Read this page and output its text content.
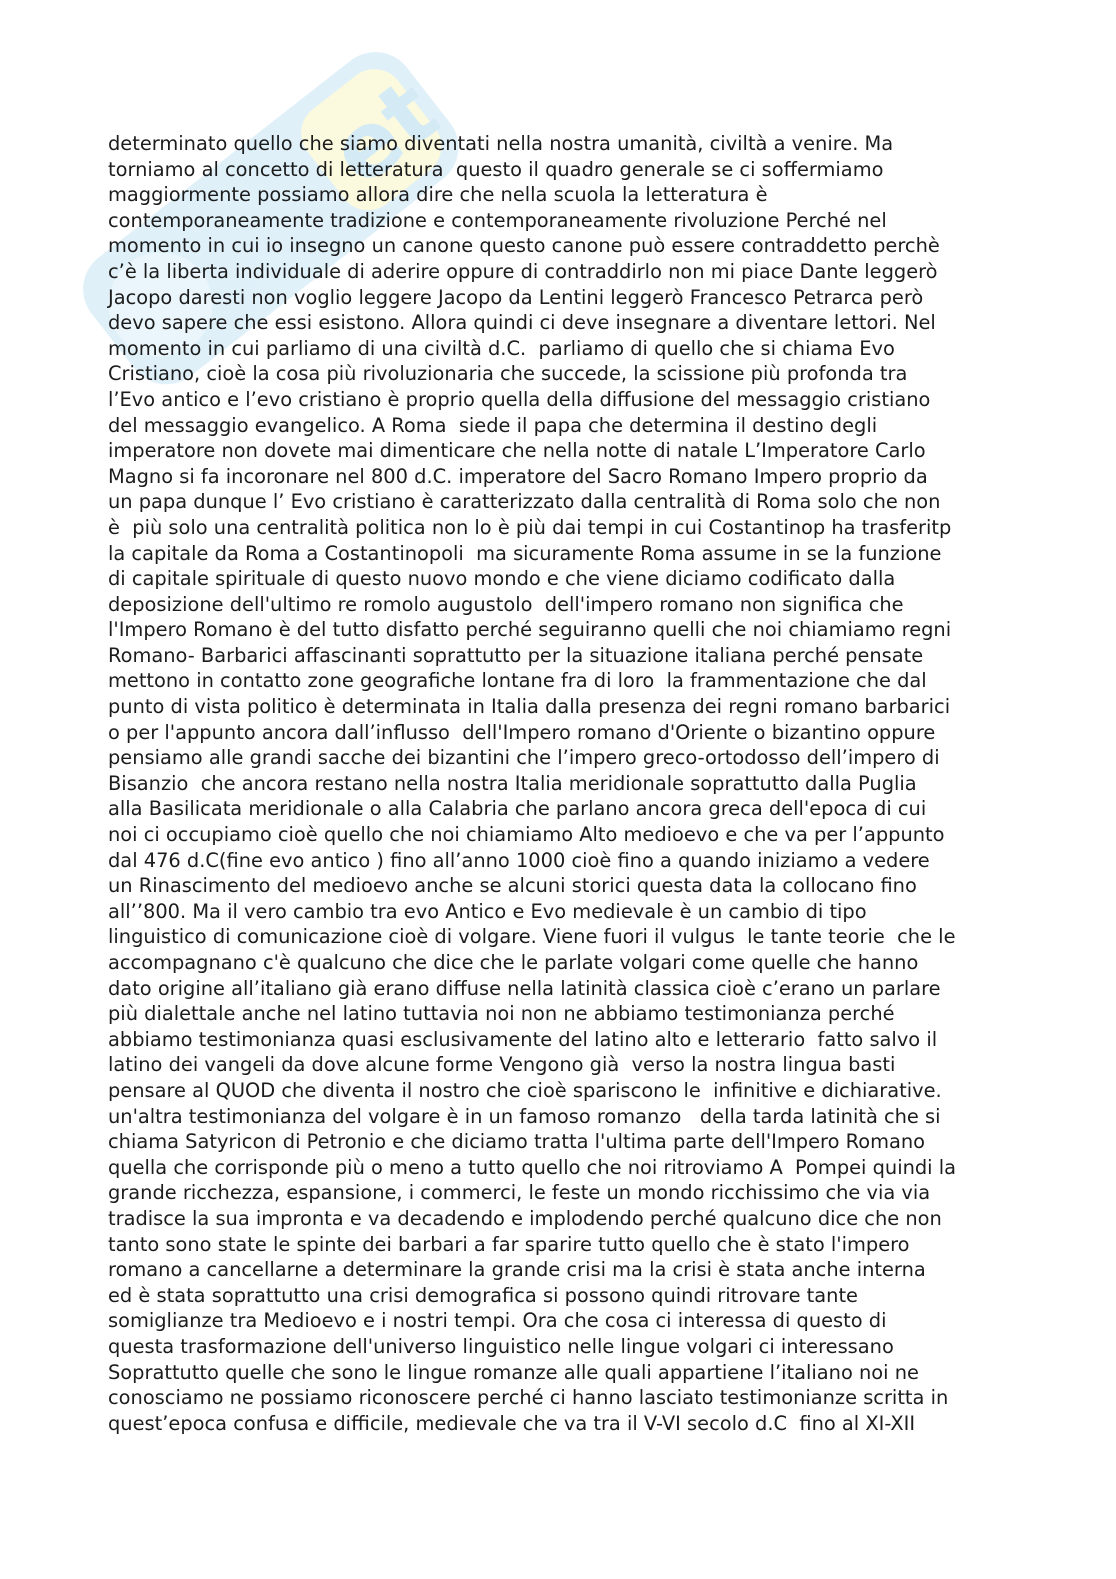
et
determinato quello che siamo diventati nella nostra umanità, civiltà a venire. Ma
torniamo al concetto di letteratura  questo il quadro generale se ci soffermiamo
maggiormente possiamo allora dire che nella scuola la letteratura è
contemporaneamente tradizione e contemporaneamente rivoluzione Perché nel
momento in cui io insegno un canone questo canone può essere contraddetto perchè
c’è la liberta individuale di aderire oppure di contraddirlo non mi piace Dante leggerò
Jacopo daresti non voglio leggere Jacopo da Lentini leggerò Francesco Petrarca però
devo sapere che essi esistono. Allora quindi ci deve insegnare a diventare lettori. Nel
momento in cui parliamo di una civiltà d.C.  parliamo di quello che si chiama Evo
Cristiano, cioè la cosa più rivoluzionaria che succede, la scissione più profonda tra
l’Evo antico e l’evo cristiano è proprio quella della diffusione del messaggio cristiano
del messaggio evangelico. A Roma  siede il papa che determina il destino degli
imperatore non dovete mai dimenticare che nella notte di natale L’Imperatore Carlo
Magno si fa incoronare nel 800 d.C. imperatore del Sacro Romano Impero proprio da
un papa dunque l’ Evo cristiano è caratterizzato dalla centralità di Roma solo che non
è  più solo una centralità politica non lo è più dai tempi in cui Costantinop ha trasferitp
la capitale da Roma a Costantinopoli  ma sicuramente Roma assume in se la funzione
di capitale spirituale di questo nuovo mondo e che viene diciamo codificato dalla
deposizione dell'ultimo re romolo augustolo  dell'impero romano non significa che
l'Impero Romano è del tutto disfatto perché seguiranno quelli che noi chiamiamo regni
Romano- Barbarici affascinanti soprattutto per la situazione italiana perché pensate
mettono in contatto zone geografiche lontane fra di loro  la frammentazione che dal
punto di vista politico è determinata in Italia dalla presenza dei regni romano barbarici
o per l'appunto ancora dall’influsso  dell'Impero romano d'Oriente o bizantino oppure
pensiamo alle grandi sacche dei bizantini che l’impero greco-ortodosso dell’impero di
Bisanzio  che ancora restano nella nostra Italia meridionale soprattutto dalla Puglia
alla Basilicata meridionale o alla Calabria che parlano ancora greca dell'epoca di cui
noi ci occupiamo cioè quello che noi chiamiamo Alto medioevo e che va per l’appunto
dal 476 d.C(fine evo antico ) fino all’anno 1000 cioè fino a quando iniziamo a vedere
un Rinascimento del medioevo anche se alcuni storici questa data la collocano fino
all’’800. Ma il vero cambio tra evo Antico e Evo medievale è un cambio di tipo
linguistico di comunicazione cioè di volgare. Viene fuori il vulgus  le tante teorie  che le
accompagnano c'è qualcuno che dice che le parlate volgari come quelle che hanno
dato origine all’italiano già erano diffuse nella latinità classica cioè c’erano un parlare
più dialettale anche nel latino tuttavia noi non ne abbiamo testimonianza perché
abbiamo testimonianza quasi esclusivamente del latino alto e letterario  fatto salvo il
latino dei vangeli da dove alcune forme Vengono già  verso la nostra lingua basti
pensare al QUOD che diventa il nostro che cioè spariscono le  infinitive e dichiarative.
un'altra testimonianza del volgare è in un famoso romanzo   della tarda latinità che si
chiama Satyricon di Petronio e che diciamo tratta l'ultima parte dell'Impero Romano
quella che corrisponde più o meno a tutto quello che noi ritroviamo A  Pompei quindi la
grande ricchezza, espansione, i commerci, le feste un mondo ricchissimo che via via
tradisce la sua impronta e va decadendo e implodendo perché qualcuno dice che non
tanto sono state le spinte dei barbari a far sparire tutto quello che è stato l'impero
romano a cancellarne a determinare la grande crisi ma la crisi è stata anche interna
ed è stata soprattutto una crisi demografica si possono quindi ritrovare tante
somiglianze tra Medioevo e i nostri tempi. Ora che cosa ci interessa di questo di
questa trasformazione dell'universo linguistico nelle lingue volgari ci interessano
Soprattutto quelle che sono le lingue romanze alle quali appartiene l’italiano noi ne
conosciamo ne possiamo riconoscere perché ci hanno lasciato testimonianze scritta in
quest’epoca confusa e difficile, medievale che va tra il V-VI secolo d.C  fino al XI-XII
